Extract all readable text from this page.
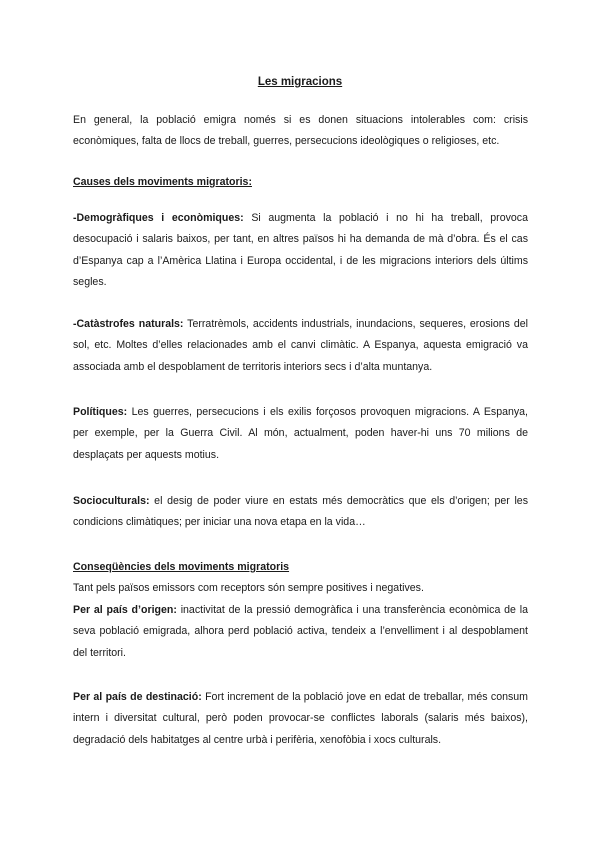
Les migracions

En general, la població emigra només si es donen situacions intolerables com: crisis econòmiques, falta de llocs de treball, guerres, persecucions ideològiques o religioses, etc.

Causes dels moviments migratoris:

-Demogràfiques i econòmiques: Si augmenta la població i no hi ha treball, provoca desocupació i salaris baixos, per tant, en altres països hi ha demanda de mà d’obra. És el cas d’Espanya cap a l’Amèrica Llatina i Europa occidental, i de les migracions interiors dels últims segles.

-Catàstrofes naturals: Terratrèmols, accidents industrials, inundacions, sequeres, erosions del sol, etc. Moltes d’elles relacionades amb el canvi climàtic. A Espanya, aquesta emigració va associada amb el despoblament de territoris interiors secs i d’alta muntanya.

Polítiques: Les guerres, persecucions i els exilis forçosos provoquen migracions. A Espanya, per exemple, per la Guerra Civil. Al món, actualment, poden haver-hi uns 70 milions de desplaçats per aquests motius.

Socioculturals: el desig de poder viure en estats més democràtics que els d’origen; per les condicions climàtiques; per iniciar una nova etapa en la vida…

Conseqüències dels moviments migratoris

Tant pels països emissors com receptors són sempre positives i negatives.

Per al país d’origen: inactivitat de la pressió demogràfica i una transferència econòmica de la seva població emigrada, alhora perd població activa, tendeix a l’envelliment i al despoblament del territori.

Per al país de destinació: Fort increment de la població jove en edat de treballar, més consum intern i diversitat cultural, però poden provocar-se conflictes laborals (salaris més baixos), degradació dels habitatges al centre urbà i perifèria, xenofòbia i xocs culturals.
